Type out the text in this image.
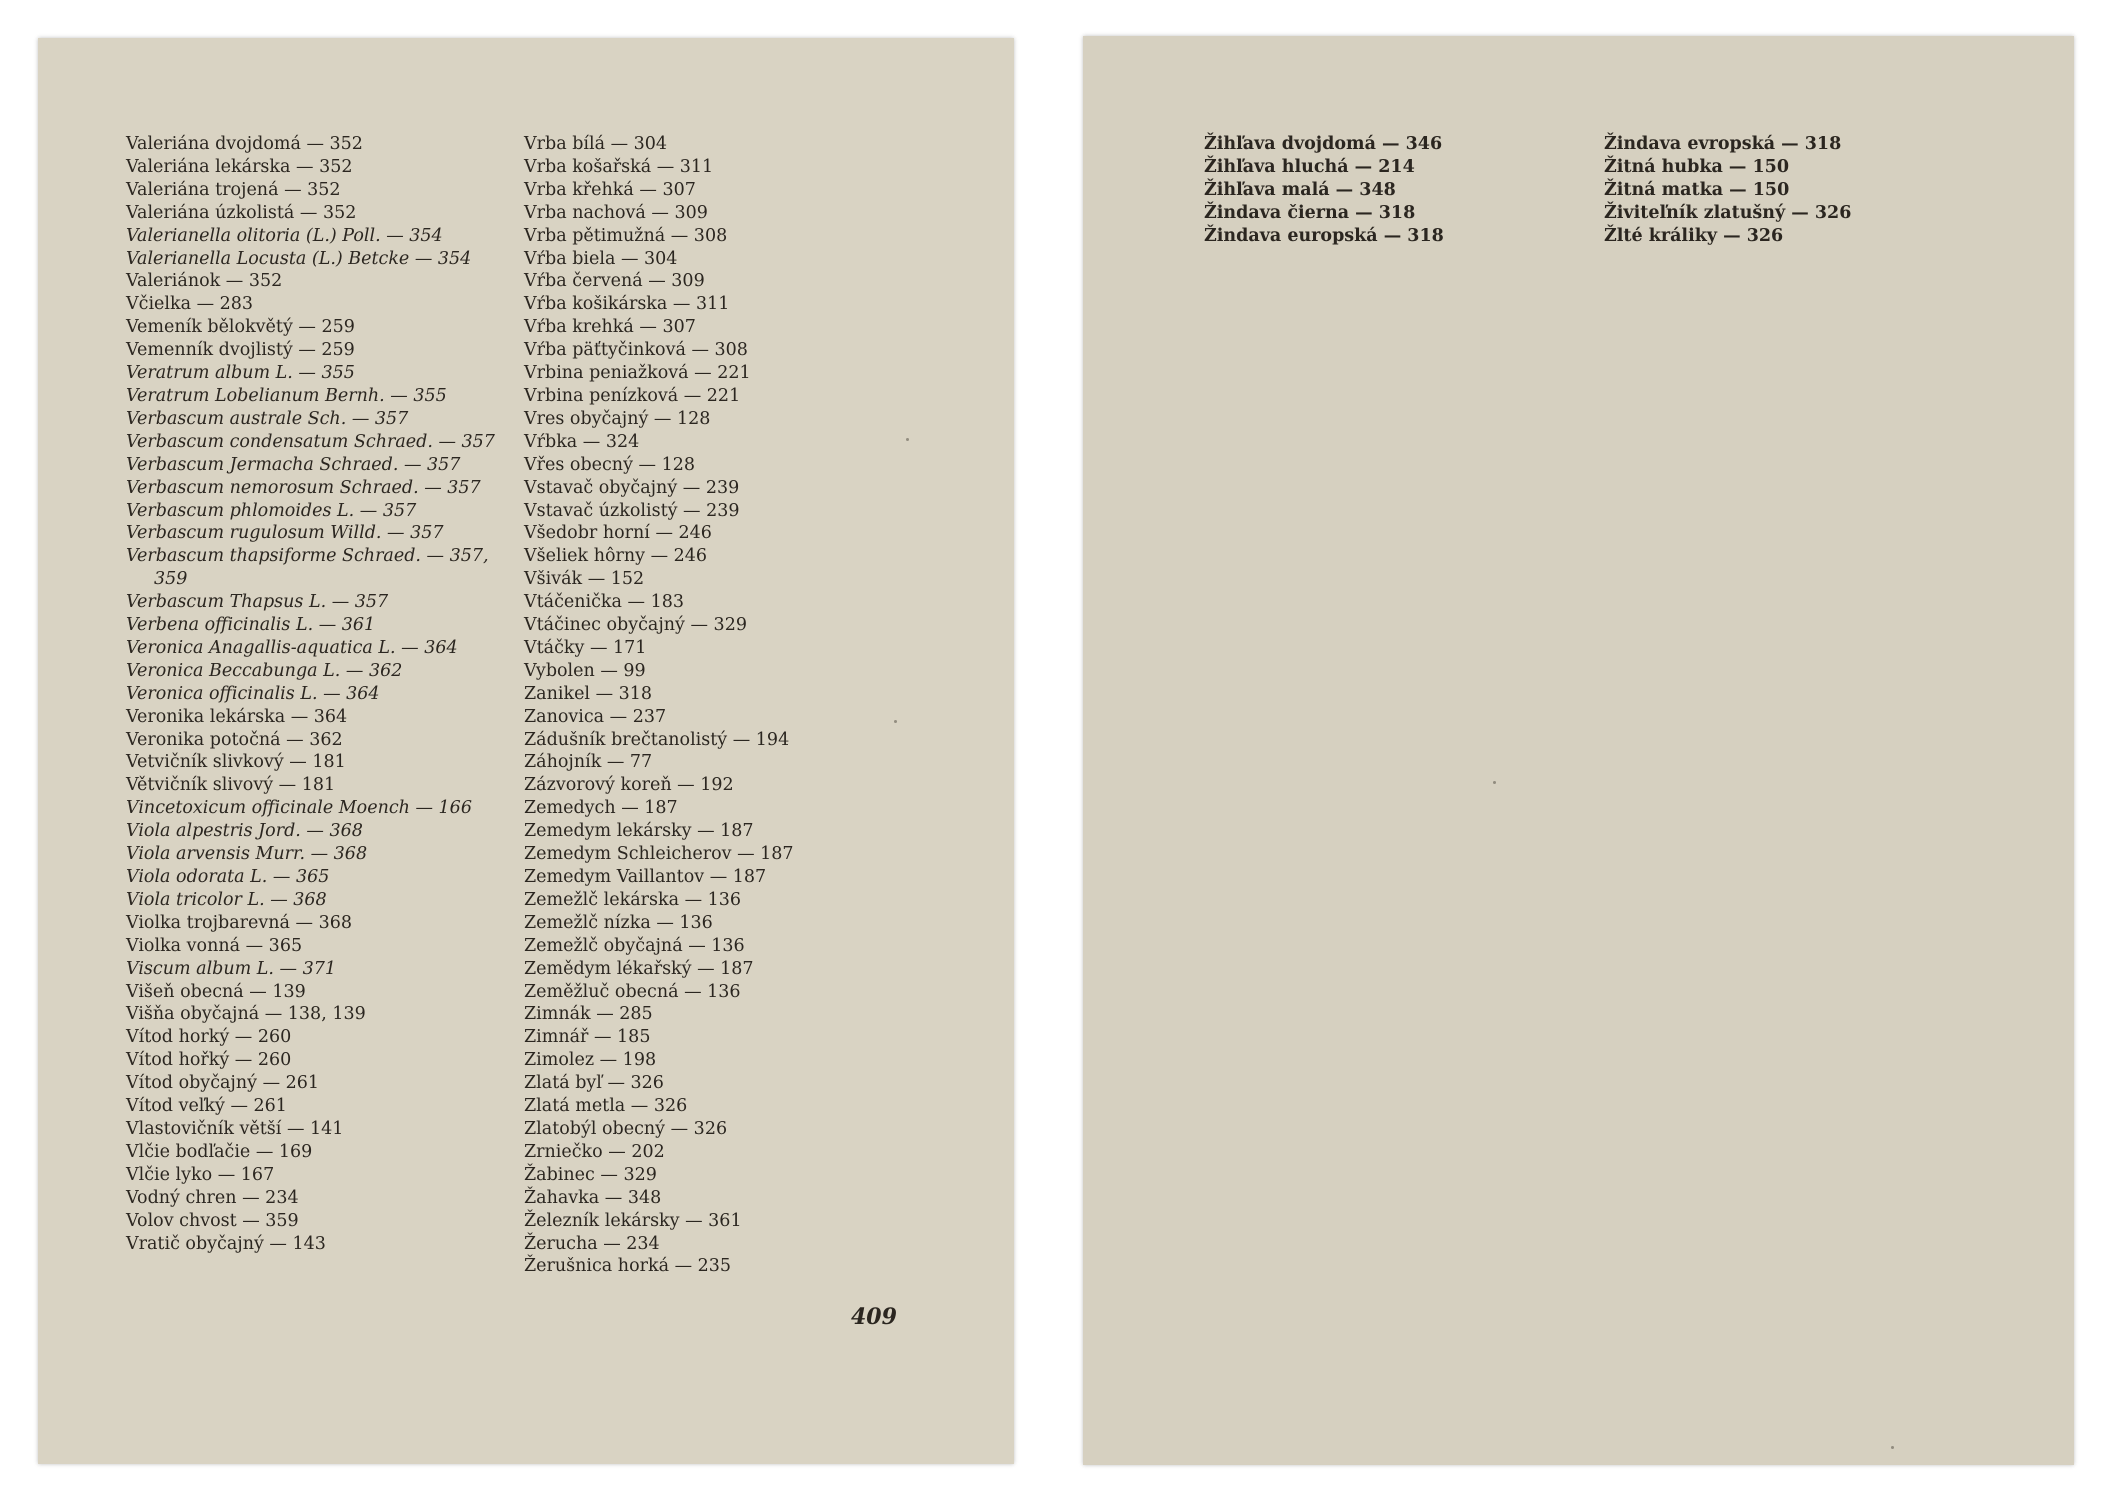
Valeriána dvojdomá — 352
Valeriána lekárska — 352
Valeriána trojená — 352
Valeriána úzkolistá — 352
Valerianella olitoria (L.) Poll. — 354
Valerianella Locusta (L.) Betcke — 354
Valeriánok — 352
Včielka — 283
Vemeník bělokvětý — 259
Vemenník dvojlistý — 259
Veratrum album L. — 355
Veratrum Lobelianum Bernh. — 355
Verbascum australe Sch. — 357
Verbascum condensatum Schraed. — 357
Verbascum Jermacha Schraed. — 357
Verbascum nemorosum Schraed. — 357
Verbascum phlomoides L. — 357
Verbascum rugulosum Willd. — 357
Verbascum thapsiforme Schraed. — 357, 359
Verbascum Thapsus L. — 357
Verbena officinalis L. — 361
Veronica Anagallis-aquatica L. — 364
Veronica Beccabunga L. — 362
Veronica officinalis L. — 364
Veronika lekárska — 364
Veronika potočná — 362
Vetvičník slivkový — 181
Větvičník slivový — 181
Vincetoxicum officinale Moench — 166
Viola alpestris Jord. — 368
Viola arvensis Murr. — 368
Viola odorata L. — 365
Viola tricolor L. — 368
Violka trojbarevná — 368
Violka vonná — 365
Viscum album L. — 371
Višeň obecná — 139
Višňa obyčajná — 138, 139
Vítod horký — 260
Vítod hořký — 260
Vítod obyčajný — 261
Vítod veľký — 261
Vlastovičník větší — 141
Vlčie bodľačie — 169
Vlčie lyko — 167
Vodný chren — 234
Volov chvost — 359
Vratič obyčajný — 143
Vrba bílá — 304
Vrba košařská — 311
Vrba křehká — 307
Vrba nachová — 309
Vrba pětimužná — 308
Vŕba biela — 304
Vŕba červená — 309
Vŕba košikárska — 311
Vŕba krehká — 307
Vŕba päťtyčinková — 308
Vrbina peniažková — 221
Vrbina penízková — 221
Vres obyčajný — 128
Vŕbka — 324
Vřes obecný — 128
Vstavač obyčajný — 239
Vstavač úzkolistý — 239
Všedobr horní — 246
Všeliek hôrny — 246
Všivák — 152
Vtáčenička — 183
Vtáčinec obyčajný — 329
Vtáčky — 171
Vybolen — 99
Zanikel — 318
Zanovica — 237
Zádušník brečtanolistý — 194
Záhojník — 77
Zázvorový koreň — 192
Zemedych — 187
Zemedym lekársky — 187
Zemedym Schleicherov — 187
Zemedym Vaillantov — 187
Zemežlč lekárska — 136
Zemežlč nízka — 136
Zemežlč obyčajná — 136
Zemědym lékařský — 187
Zeměžluč obecná — 136
Zimnák — 285
Zimnář — 185
Zimolez — 198
Zlatá byľ — 326
Zlatá metla — 326
Zlatobýl obecný — 326
Zrniečko — 202
Žabinec — 329
Žahavka — 348
Železník lekársky — 361
Žerucha — 234
Žerušnica horká — 235
409
Žihľava dvojdomá — 346
Žihľava hluchá — 214
Žihľava malá — 348
Žindava čierna — 318
Žindava europská — 318
Žindava evropská — 318
Žitná hubka — 150
Žitná matka — 150
Živiteľník zlatušný — 326
Žlté králiky — 326
